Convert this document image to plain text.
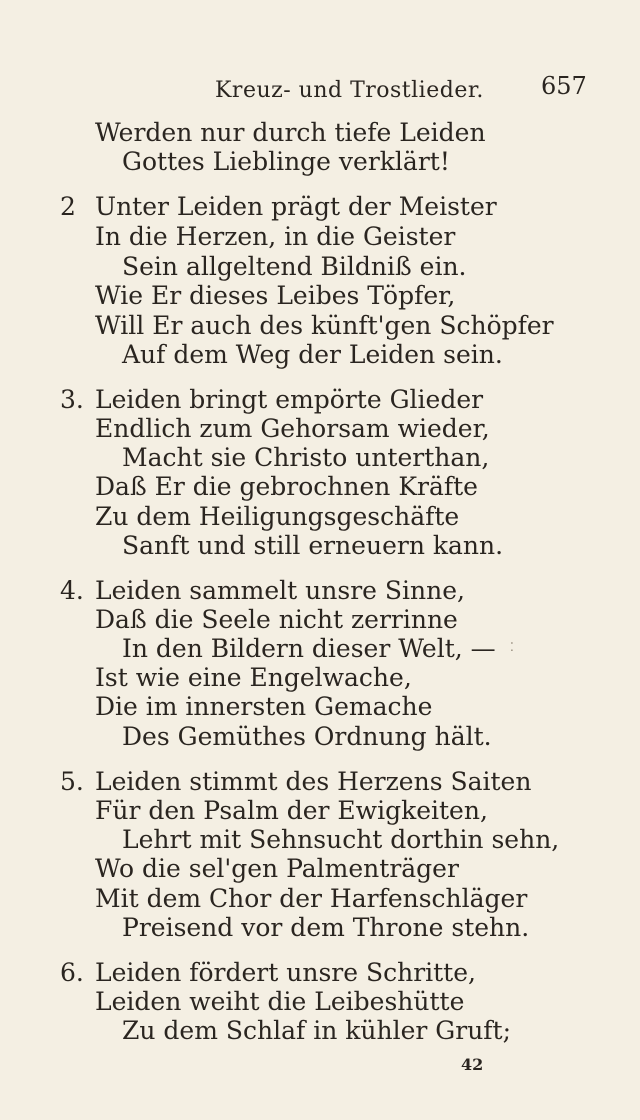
Kreuz- und Trostlieder. 657
Werden nur durch tiefe Leiden
Gottes Lieblinge verklärt!
2 Unter Leiden prägt der Meister
In die Herzen, in die Geister
Sein allgeltend Bildniß ein.
Wie Er dieses Leibes Töpfer,
Will Er auch des künft'gen Schöpfer
Auf dem Weg der Leiden sein.
3. Leiden bringt empörte Glieder
Endlich zum Gehorsam wieder,
Macht sie Christo unterthan,
Daß Er die gebrochnen Kräfte
Zu dem Heiligungsgeschäfte
Sanft und still erneuern kann.
4. Leiden sammelt unsre Sinne,
Daß die Seele nicht zerrinne
In den Bildern dieser Welt, —
Ist wie eine Engelwache,
Die im innersten Gemache
Des Gemüthes Ordnung hält.
5. Leiden stimmt des Herzens Saiten
Für den Psalm der Ewigkeiten,
Lehrt mit Sehnsucht dorthin sehn,
Wo die sel'gen Palmenträger
Mit dem Chor der Harfenschläger
Preisend vor dem Throne stehn.
6. Leiden fördert unsre Schritte,
Leiden weiht die Leibeshütte
Zu dem Schlaf in kühler Gruft;
⁚
42
